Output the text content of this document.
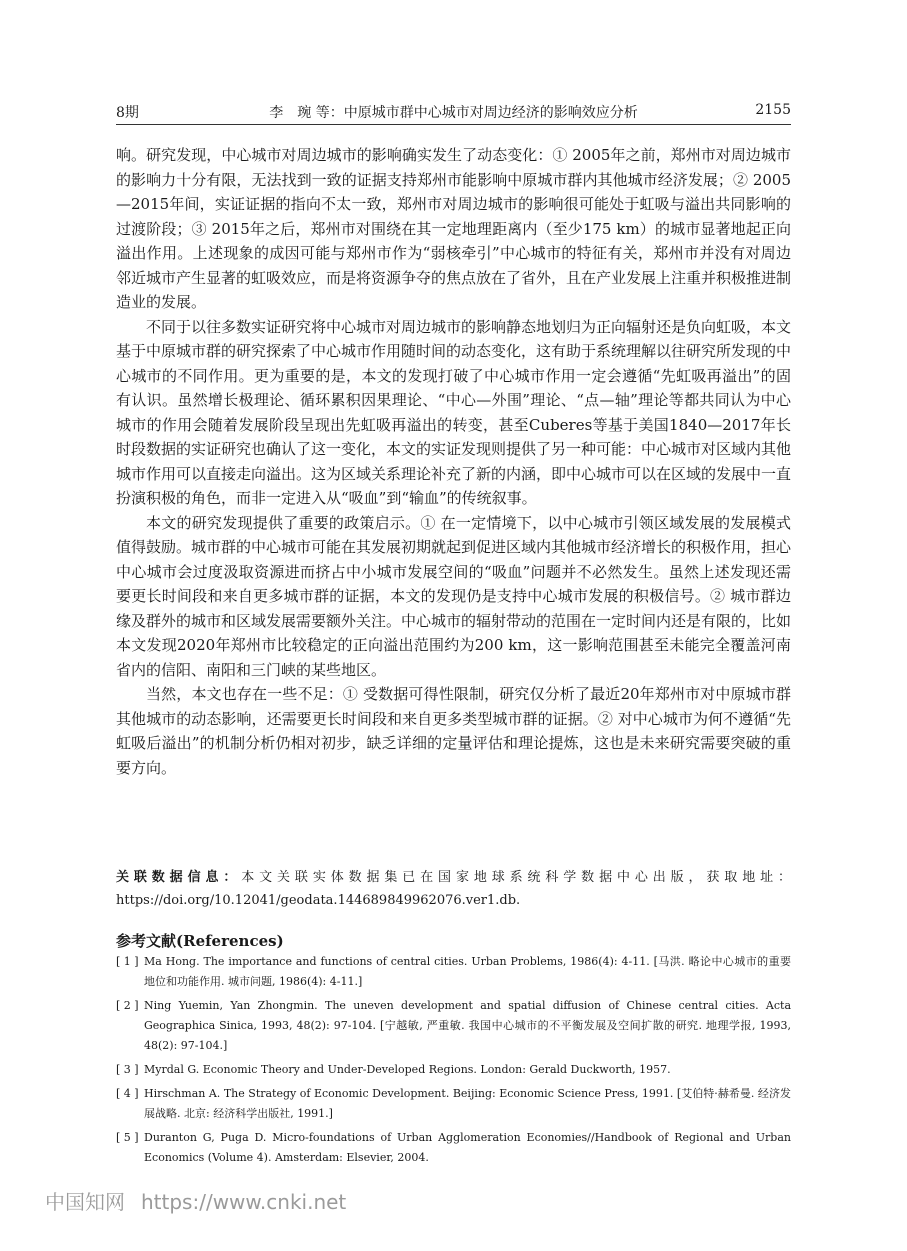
8期	李　琬 等：中原城市群中心城市对周边经济的影响效应分析	2155

响。研究发现，中心城市对周边城市的影响确实发生了动态变化：① 2005年之前，郑州市对周边城市的影响力十分有限，无法找到一致的证据支持郑州市能影响中原城市群内其他城市经济发展；② 2005—2015年间，实证证据的指向不太一致，郑州市对周边城市的影响很可能处于虹吸与溢出共同影响的过渡阶段；③ 2015年之后，郑州市对围绕在其一定地理距离内（至少175 km）的城市显著地起正向溢出作用。上述现象的成因可能与郑州市作为“弱核牵引”中心城市的特征有关，郑州市并没有对周边邻近城市产生显著的虹吸效应，而是将资源争夺的焦点放在了省外，且在产业发展上注重并积极推进制造业的发展。

不同于以往多数实证研究将中心城市对周边城市的影响静态地划归为正向辐射还是负向虹吸，本文基于中原城市群的研究探索了中心城市作用随时间的动态变化，这有助于系统理解以往研究所发现的中心城市的不同作用。更为重要的是，本文的发现打破了中心城市作用一定会遵循“先虹吸再溢出”的固有认识。虽然增长极理论、循环累积因果理论、“中心—外围”理论、“点—轴”理论等都共同认为中心城市的作用会随着发展阶段呈现出先虹吸再溢出的转变，甚至Cuberes等基于美国1840—2017年长时段数据的实证研究也确认了这一变化，本文的实证发现则提供了另一种可能：中心城市对区域内其他城市作用可以直接走向溢出。这为区域关系理论补充了新的内涵，即中心城市可以在区域的发展中一直扮演积极的角色，而非一定进入从“吸血”到“输血”的传统叙事。

本文的研究发现提供了重要的政策启示。① 在一定情境下，以中心城市引领区域发展的发展模式值得鼓励。城市群的中心城市可能在其发展初期就起到促进区域内其他城市经济增长的积极作用，担心中心城市会过度汲取资源进而挤占中小城市发展空间的“吸血”问题并不必然发生。虽然上述发现还需要更长时间段和来自更多城市群的证据，本文的发现仍是支持中心城市发展的积极信号。② 城市群边缘及群外的城市和区域发展需要额外关注。中心城市的辐射带动的范围在一定时间内还是有限的，比如本文发现2020年郑州市比较稳定的正向溢出范围约为200 km，这一影响范围甚至未能完全覆盖河南省内的信阳、南阳和三门峡的某些地区。

当然，本文也存在一些不足：① 受数据可得性限制，研究仅分析了最近20年郑州市对中原城市群其他城市的动态影响，还需要更长时间段和来自更多类型城市群的证据。② 对中心城市为何不遵循“先虹吸后溢出”的机制分析仍相对初步，缺乏详细的定量评估和理论提炼，这也是未来研究需要突破的重要方向。

关联数据信息：本文关联实体数据集已在国家地球系统科学数据中心出版，获取地址：https://doi.org/10.12041/geodata.144689849962076.ver1.db.
参考文献(References)
[ 1 ] Ma Hong. The importance and functions of central cities. Urban Problems, 1986(4): 4-11. [马洪. 略论中心城市的重要地位和功能作用. 城市问题, 1986(4): 4-11.]
[ 2 ] Ning Yuemin, Yan Zhongmin. The uneven development and spatial diffusion of Chinese central cities. Acta Geographica Sinica, 1993, 48(2): 97-104. [宁越敏, 严重敏. 我国中心城市的不平衡发展及空间扩散的研究. 地理学报, 1993, 48(2): 97-104.]
[ 3 ] Myrdal G. Economic Theory and Under-Developed Regions. London: Gerald Duckworth, 1957.
[ 4 ] Hirschman A. The Strategy of Economic Development. Beijing: Economic Science Press, 1991. [艾伯特·赫希曼. 经济发展战略. 北京: 经济科学出版社, 1991.]
[ 5 ] Duranton G, Puga D. Micro-foundations of Urban Agglomeration Economies//Handbook of Regional and Urban Economics (Volume 4). Amsterdam: Elsevier, 2004.
中国知网 https://www.cnki.net
